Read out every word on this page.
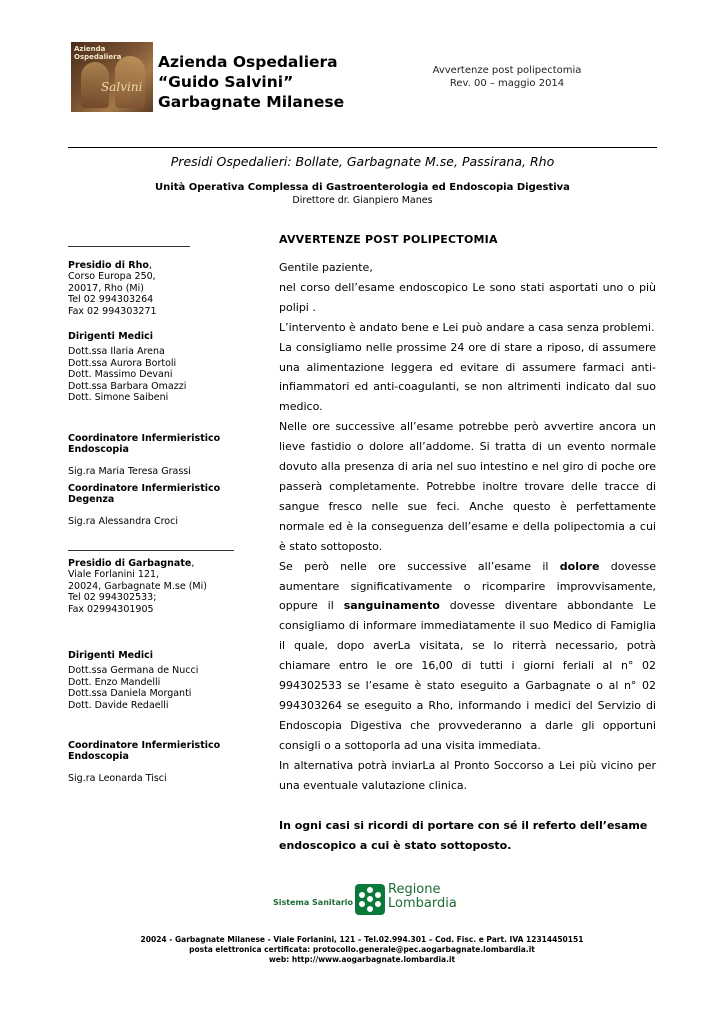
Azienda
Ospedaliera
Salvini
Azienda Ospedaliera
“Guido Salvini”
Garbagnate Milanese
Avvertenze post polipectomia
Rev. 00 – maggio 2014
Presidi Ospedalieri: Bollate, Garbagnate M.se, Passirana, Rho
Unità Operativa Complessa di Gastroenterologia ed Endoscopia Digestiva
Direttore dr. Gianpiero Manes
Presidio di Rho,
Corso Europa 250,
20017, Rho (Mi)
Tel 02 994303264
Fax 02 994303271
Dirigenti Medici
Dott.ssa Ilaria Arena
Dott.ssa Aurora Bortoli
Dott. Massimo Devani
Dott.ssa Barbara Omazzi
Dott. Simone Saibeni
Coordinatore Infermieristico
Endoscopia
Sig.ra Maria Teresa Grassi
Coordinatore Infermieristico
Degenza
Sig.ra Alessandra Croci
Presidio di Garbagnate,
Viale Forlanini 121,
20024, Garbagnate M.se (Mi)
Tel 02 994302533;
Fax 02994301905
Dirigenti Medici
Dott.ssa Germana de Nucci
Dott. Enzo Mandelli
Dott.ssa Daniela Morganti
Dott. Davide Redaelli
Coordinatore Infermieristico
Endoscopia
Sig.ra Leonarda Tisci
AVVERTENZE POST POLIPECTOMIA

Gentile paziente,

nel corso dell’esame endoscopico Le sono stati asportati uno o più polipi .

L’intervento è andato bene e Lei può andare a casa senza problemi.

La consigliamo nelle prossime 24 ore di stare a riposo, di assumere una alimentazione leggera ed evitare di assumere farmaci anti-infiammatori ed anti-coagulanti, se non altrimenti indicato dal suo medico.

Nelle ore successive all’esame potrebbe però avvertire ancora un lieve fastidio o dolore all’addome. Si tratta di un evento normale dovuto alla presenza di aria nel suo intestino e nel giro di poche ore passerà completamente. Potrebbe inoltre trovare delle tracce di sangue fresco nelle sue feci. Anche questo è perfettamente normale ed è la conseguenza dell’esame e della polipectomia a cui è stato sottoposto.

Se però nelle ore successive all’esame il dolore dovesse aumentare significativamente o ricomparire improvvisamente, oppure il sanguinamento dovesse diventare abbondante Le consigliamo di informare immediatamente il suo Medico di Famiglia il quale, dopo averLa visitata, se lo riterrà necessario, potrà chiamare entro le ore 16,00 di tutti i giorni feriali al n° 02 994302533 se l’esame è stato eseguito a Garbagnate o al n° 02 994303264 se eseguito a Rho, informando i medici del Servizio di Endoscopia Digestiva che provvederanno a darle gli opportuni consigli o a sottoporla ad una visita immediata.

In alternativa potrà inviarLa al Pronto Soccorso a Lei più vicino per una eventuale valutazione clinica.

In ogni casi si ricordi di portare con sé il referto dell’esame endoscopico a cui è stato sottoposto.
Sistema Sanitario
Regione
Lombardia
20024 - Garbagnate Milanese - Viale Forlanini, 121 – Tel.02.994.301 – Cod. Fisc. e Part. IVA 12314450151
posta elettronica certificata: protocollo.generale@pec.aogarbagnate.lombardia.it
web: http://www.aogarbagnate.lombardia.it
